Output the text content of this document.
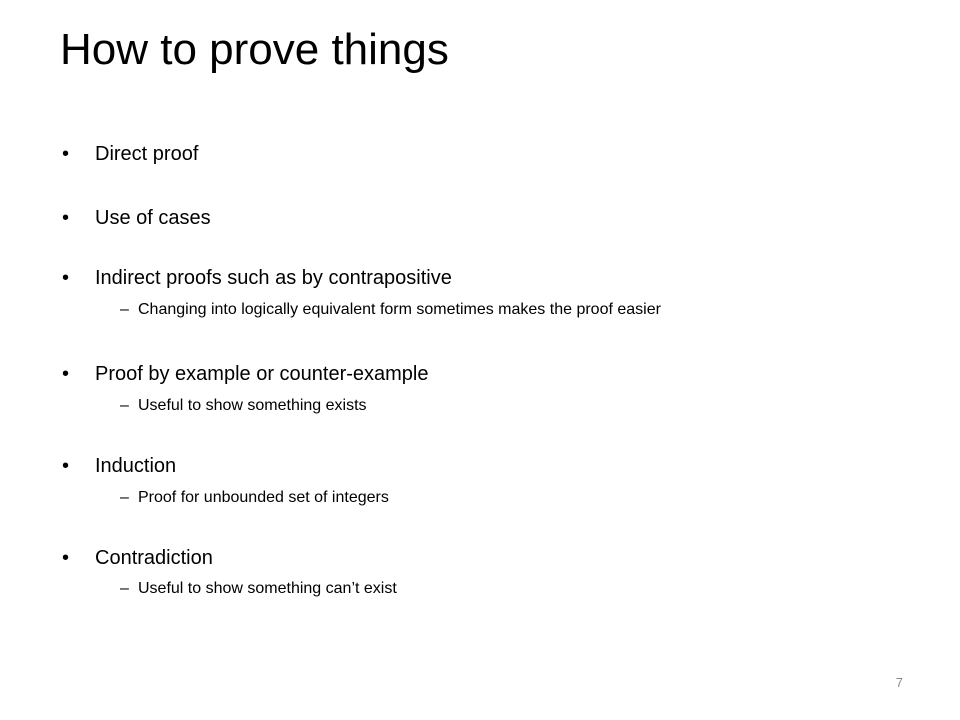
How to prove things
•	Direct proof
•	Use of cases
•	Indirect proofs such as by contrapositive
– Changing into logically equivalent form sometimes makes the proof easier
•	Proof by example or counter-example
– Useful to show something exists
•	Induction
– Proof for unbounded set of integers
•	Contradiction
– Useful to show something can’t exist
7
